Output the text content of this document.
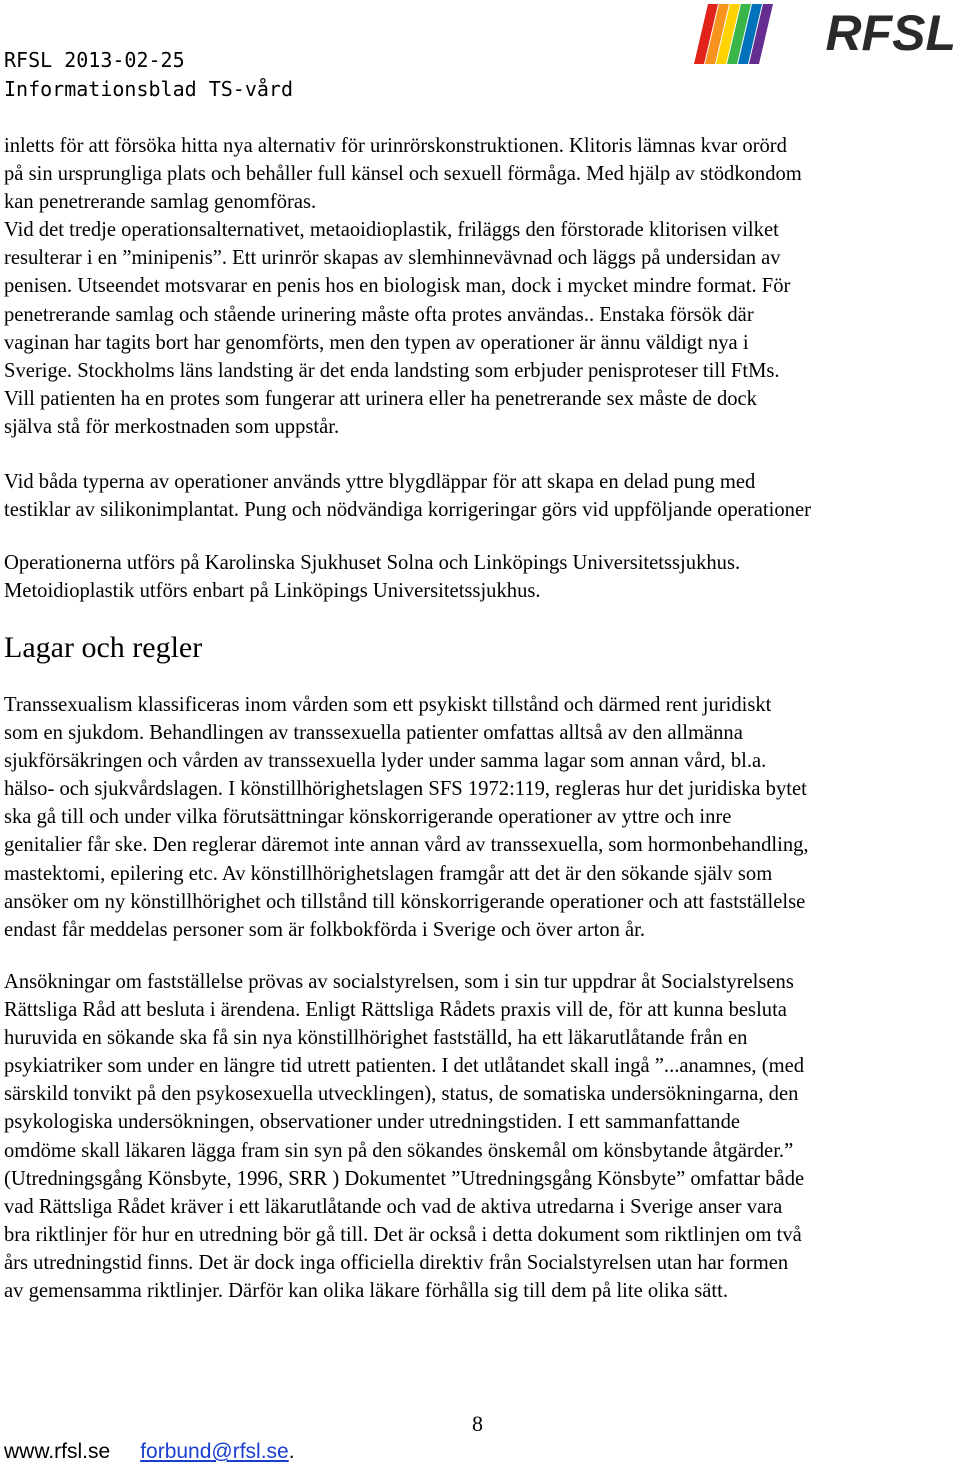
RFSL 2013-02-25
Informationsblad TS-vård
RFSL

inletts för att försöka hitta nya alternativ för urinrörskonstruktionen. Klitoris lämnas kvar orörd

på sin ursprungliga plats och behåller full känsel och sexuell förmåga. Med hjälp av stödkondom

kan penetrerande samlag genomföras.

Vid det tredje operationsalternativet, metaoidioplastik, friläggs den förstorade klitorisen vilket

resulterar i en ”minipenis”. Ett urinrör skapas av slemhinnevävnad och läggs på undersidan av

penisen. Utseendet motsvarar en penis hos en biologisk man, dock i mycket mindre format. För

penetrerande samlag och stående urinering måste ofta protes användas.. Enstaka försök där

vaginan har tagits bort har genomförts, men den typen av operationer är ännu väldigt nya i

Sverige. Stockholms läns landsting är det enda landsting som erbjuder penisproteser till FtMs.

Vill patienten ha en protes som fungerar att urinera eller ha penetrerande sex måste de dock

själva stå för merkostnaden som uppstår.

Vid båda typerna av operationer används yttre blygdläppar för att skapa en delad pung med

testiklar av silikonimplantat. Pung och nödvändiga korrigeringar görs vid uppföljande operationer

Operationerna utförs på Karolinska Sjukhuset Solna och Linköpings Universitetssjukhus.

Metoidioplastik utförs enbart på Linköpings Universitetssjukhus.

Lagar och regler

Transsexualism klassificeras inom vården som ett psykiskt tillstånd och därmed rent juridiskt

som en sjukdom. Behandlingen av transsexuella patienter omfattas alltså av den allmänna

sjukförsäkringen och vården av transsexuella lyder under samma lagar som annan vård, bl.a.

hälso- och sjukvårdslagen. I könstillhörighetslagen SFS 1972:119, regleras hur det juridiska bytet

ska gå till och under vilka förutsättningar könskorrigerande operationer av yttre och inre

genitalier får ske. Den reglerar däremot inte annan vård av transsexuella, som hormonbehandling,

mastektomi, epilering etc. Av könstillhörighetslagen framgår att det är den sökande själv som

ansöker om ny könstillhörighet och tillstånd till könskorrigerande operationer och att fastställelse

endast får meddelas personer som är folkbokförda i Sverige och över arton år.

Ansökningar om fastställelse prövas av socialstyrelsen, som i sin tur uppdrar åt Socialstyrelsens

Rättsliga Råd att besluta i ärendena. Enligt Rättsliga Rådets praxis vill de, för att kunna besluta

huruvida en sökande ska få sin nya könstillhörighet fastställd, ha ett läkarutlåtande från en

psykiatriker som under en längre tid utrett patienten. I det utlåtandet skall ingå ”...anamnes, (med

särskild tonvikt på den psykosexuella utvecklingen), status, de somatiska undersökningarna, den

psykologiska undersökningen, observationer under utredningstiden. I ett sammanfattande

omdöme skall läkaren lägga fram sin syn på den sökandes önskemål om könsbytande åtgärder.”

(Utredningsgång Könsbyte, 1996, SRR ) Dokumentet ”Utredningsgång Könsbyte” omfattar både

vad Rättsliga Rådet kräver i ett läkarutlåtande och vad de aktiva utredarna i Sverige anser vara

bra riktlinjer för hur en utredning bör gå till. Det är också i detta dokument som riktlinjen om två

års utredningstid finns. Det är dock inga officiella direktiv från Socialstyrelsen utan har formen

av gemensamma riktlinjer. Därför kan olika läkare förhålla sig till dem på lite olika sätt.

8
www.rfsl.se forbund@rfsl.se.
